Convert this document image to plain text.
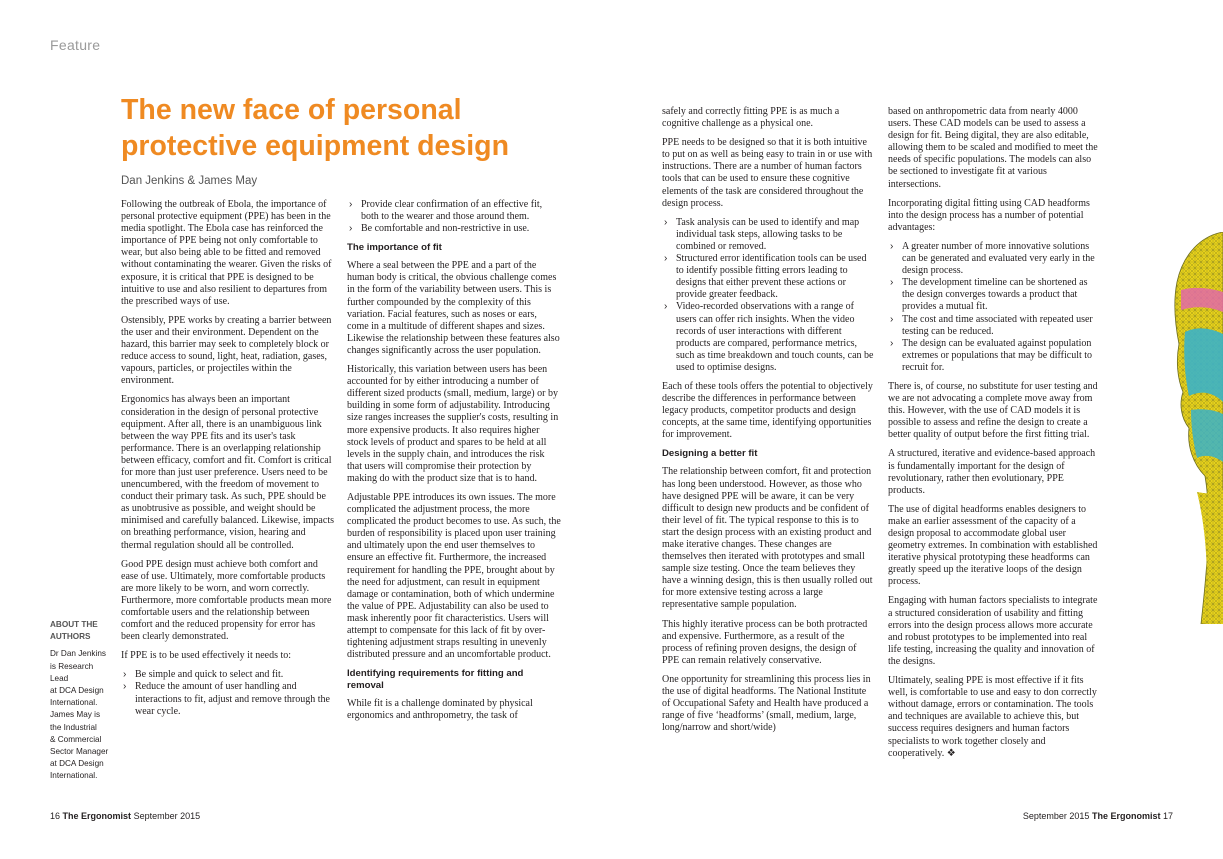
Feature
The new face of personal
protective equipment design
Dan Jenkins & James May

Following the outbreak of Ebola, the importance of personal protective equipment (PPE) has been in the media spotlight. The Ebola case has reinforced the importance of PPE being not only comfortable to wear, but also being able to be fitted and removed without contaminating the wearer. Given the risks of exposure, it is critical that PPE is designed to be intuitive to use and also resilient to departures from the prescribed ways of use.

Ostensibly, PPE works by creating a barrier between the user and their environment. Dependent on the hazard, this barrier may seek to completely block or reduce access to sound, light, heat, radiation, gases, vapours, particles, or projectiles within the environment.

Ergonomics has always been an important consideration in the design of personal protective equipment. After all, there is an unambiguous link between the way PPE fits and its user's task performance. There is an overlapping relationship between efficacy, comfort and fit. Comfort is critical for more than just user preference. Users need to be unencumbered, with the freedom of movement to conduct their primary task. As such, PPE should be as unobtrusive as possible, and weight should be minimised and carefully balanced. Likewise, impacts on breathing performance, vision, hearing and thermal regulation should all be controlled.

Good PPE design must achieve both comfort and ease of use. Ultimately, more comfortable products are more likely to be worn, and worn correctly. Furthermore, more comfortable products mean more comfortable users and the relationship between comfort and the reduced propensity for error has been clearly demonstrated.

If PPE is to be used effectively it needs to:

› Be simple and quick to select and fit.
› Reduce the amount of user handling and interactions to fit, adjust and remove through the wear cycle.
› Provide clear confirmation of an effective fit, both to the wearer and those around them.
› Be comfortable and non-restrictive in use.
The importance of fit

Where a seal between the PPE and a part of the human body is critical, the obvious challenge comes in the form of the variability between users. This is further compounded by the complexity of this variation. Facial features, such as noses or ears, come in a multitude of different shapes and sizes. Likewise the relationship between these features also changes significantly across the user population.

Historically, this variation between users has been accounted for by either introducing a number of different sized products (small, medium, large) or by building in some form of adjustability. Introducing size ranges increases the supplier's costs, resulting in more expensive products. It also requires higher stock levels of product and spares to be held at all levels in the supply chain, and introduces the risk that users will compromise their protection by making do with the product size that is to hand.

Adjustable PPE introduces its own issues. The more complicated the adjustment process, the more complicated the product becomes to use. As such, the burden of responsibility is placed upon user training and ultimately upon the end user themselves to ensure an effective fit. Furthermore, the increased requirement for handling the PPE, brought about by the need for adjustment, can result in equipment damage or contamination, both of which undermine the value of PPE. Adjustability can also be used to mask inherently poor fit characteristics. Users will attempt to compensate for this lack of fit by over-tightening adjustment straps resulting in unevenly distributed pressure and an uncomfortable product.

Identifying requirements for fitting and removal

While fit is a challenge dominated by physical ergonomics and anthropometry, the task of

safely and correctly fitting PPE is as much a cognitive challenge as a physical one.

PPE needs to be designed so that it is both intuitive to put on as well as being easy to train in or use with instructions. There are a number of human factors tools that can be used to ensure these cognitive elements of the task are considered throughout the design process.

› Task analysis can be used to identify and map individual task steps, allowing tasks to be combined or removed.
› Structured error identification tools can be used to identify possible fitting errors leading to designs that either prevent these actions or provide greater feedback.
› Video-recorded observations with a range of users can offer rich insights. When the video records of user interactions with different products are compared, performance metrics, such as time breakdown and touch counts, can be used to optimise designs.

Each of these tools offers the potential to objectively describe the differences in performance between legacy products, competitor products and design concepts, at the same time, identifying opportunities for improvement.

Designing a better fit

The relationship between comfort, fit and protection has long been understood. However, as those who have designed PPE will be aware, it can be very difficult to design new products and be confident of their level of fit. The typical response to this is to start the design process with an existing product and make iterative changes. These changes are themselves then iterated with prototypes and small sample size testing. Once the team believes they have a winning design, this is then usually rolled out for more extensive testing across a large representative sample population.

This highly iterative process can be both protracted and expensive. Furthermore, as a result of the process of refining proven designs, the design of PPE can remain relatively conservative.

One opportunity for streamlining this process lies in the use of digital headforms. The National Institute of Occupational Safety and Health have produced a range of five ‘headforms’ (small, medium, large, long/narrow and short/wide)

based on anthropometric data from nearly 4000 users. These CAD models can be used to assess a design for fit. Being digital, they are also editable, allowing them to be scaled and modified to meet the needs of specific populations. The models can also be sectioned to investigate fit at various intersections.

Incorporating digital fitting using CAD headforms into the design process has a number of potential advantages:

› A greater number of more innovative solutions can be generated and evaluated very early in the design process.
› The development timeline can be shortened as the design converges towards a product that provides a mutual fit.
› The cost and time associated with repeated user testing can be reduced.
› The design can be evaluated against population extremes or populations that may be difficult to recruit for.

There is, of course, no substitute for user testing and we are not advocating a complete move away from this. However, with the use of CAD models it is possible to assess and refine the design to create a better quality of output before the first fitting trial.

A structured, iterative and evidence-based approach is fundamentally important for the design of revolutionary, rather then evolutionary, PPE products.

The use of digital headforms enables designers to make an earlier assessment of the capacity of a design proposal to accommodate global user geometry extremes. In combination with established iterative physical prototyping these headforms can greatly speed up the iterative loops of the design process.

Engaging with human factors specialists to integrate a structured consideration of usability and fitting errors into the design process allows more accurate and robust prototypes to be implemented into real life testing, increasing the quality and innovation of the designs.

Ultimately, sealing PPE is most effective if it fits well, is comfortable to use and easy to don correctly without damage, errors or contamination. The tools and techniques are available to achieve this, but success requires designers and human factors specialists to work together closely and cooperatively. ❖

ABOUT THE
AUTHORS
Dr Dan Jenkins
is Research Lead
at DCA Design
International.
James May is
the Industrial
& Commercial
Sector Manager
at DCA Design
International.
16 The Ergonomist September 2015	September 2015 The Ergonomist 17
